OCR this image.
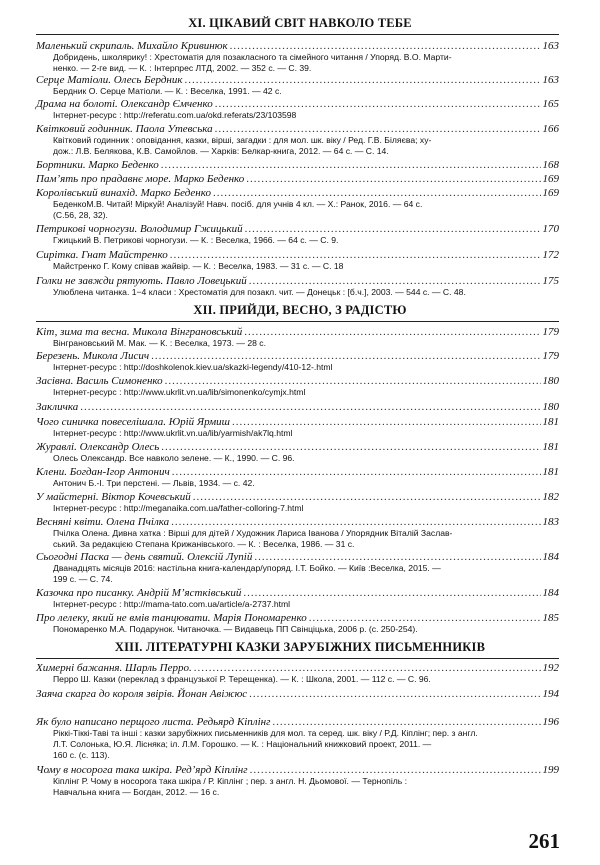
ХІ. ЦІКАВИЙ СВІТ НАВКОЛО ТЕБЕ
Маленький скрипаль. Михайло Кривинюк .....	163
Добридень, школярику! : Хрестоматія для позакласного та сімейного читання / Упоряд. В.О. Марти-
ненко. — 2-ге вид. — К. : Інтерпрес ЛТД, 2002. — 352 с. — С. 39.
Серце Матіоли. Олесь Бердник .....	163
Бердник О. Серце Матіоли. — К. : Веселка, 1991. — 42 с.
Драма на болоті. Олександр Ємченко .....	165
Інтернет-ресурс : http://referatu.com.ua/okd.referats/23/103598
Квітковий годинник. Паола Утевська .....	166
Квітковий годинник : оповідання, казки, вірші, загадки : для мол. шк. віку / Ред. Г.В. Бiляєва; ху-
дож.: Л.В. Белякова, К.В. Самойлов. — Харків: Белкар-книга, 2012. — 64 с. — С. 14.
Бортники. Марко Беденко .....	168
Пам’ять про прадавнє море. Марко Беденко .....	169
Королівський винахід. Марко Беденко .....	169
БеденкоМ.В. Читай! Міркуй! Аналізуй! Навч. посіб. для учнів 4 кл. — Х.: Ранок, 2016. — 64 с.
(С.56, 28, 32).
Петрикові чорногузи. Володимир Гжицький .....	170
Гжицький В. Петрикові чорногузи. — К. : Веселка, 1966. — 64 с. — С. 9.
Сирітка. Гнат Майстренко .....	172
Майстренко Г. Кому співав жайвір. — К. : Веселка, 1983. — 31 с. — С. 18
Голки не завжди рятують. Павло Ловецький .....	175
Улюблена читанка. 1−4 класи : Хрестоматія для позакл. чит. — Донецьк : [б.ч.], 2003. — 544 с. — С. 48.
ХІІ. ПРИЙДИ, ВЕСНО, З РАДІСТЮ
Кіт, зима та весна. Микола Вінграновський .....	179
Вінграновський М. Мак. — К. : Веселка, 1973. — 28 с.
Березень. Микола Лисич .....	179
Інтернет-ресурс : http://doshkolenok.kiev.ua/skazki-legendy/410-12-.html
Засівна. Василь Симоненко .....	180
Інтернет-ресурс : http://www.ukrlit.vn.ua/lib/simonenko/cymjx.html
Закличка .....	180
Чого синичка повеселішала. Юрій Ярмиш .....	181
Інтернет-ресурс : http://www.ukrlit.vn.ua/lib/yarmish/ak7lq.html
Журавлі. Олександр Олесь .....	181
Олесь Олександр. Все навколо зелене. — К., 1990. — С. 96.
Клени. Богдан-Ігор Антонич .....	181
Антонич Б.-І. Три перстені. — Львів, 1934. — с. 42.
У майстерні. Віктор Кочевський .....	182
Інтернет-ресурс : http://meganaika.com.ua/father-colloring-7.html
Весняні квіти. Олена Пчілка .....	183
Пчілка Олена. Дивна хатка : Вірші для дітей / Художник Лариса Іванова / Упорядник Віталій Заслав-
ський. За редакцією Степана Крижанівського. — К. : Веселка, 1986. — 31 с.
Сьогодні Паска — день святий. Олексій Лупій .....	184
Дванадцять місяців 2016: настільна книга-календар/упоряд. І.Т. Бойко. — Київ :Веселка, 2015. —
199 с. — С. 74.
Казочка про писанку. Андрій М’ястківський .....	184
Інтернет-ресурс : http://mama-tato.com.ua/article/a-2737.html
Про лелеку, який не вмів танцювати. Марія Пономаренко .....	185
Пономаренко М.А. Подарунок. Читаночка. — Видавець ПП Свінціцька, 2006 р. (с. 250-254).
ХІІІ. ЛІТЕРАТУРНІ КАЗКИ ЗАРУБІЖНИХ ПИСЬМЕННИКІВ
Химерні бажання. Шарль Перро. .....	192
Перро Ш. Казки (переклад з французької Р. Терещенка). — К. : Школа, 2001. — 112 с. — С. 96.
Заяча скарга до короля звірів. Йонан Авіжюс .....	194
Як було написано перщого листа. Редьярд Кіплінг .....	196
Ріккі-Тіккі-Таві та інші : казки зарубіжних письменників для мол. та серед. шк. віку / Р.Д. Кіплінг; пер. з англ.
Л.Т. Солонька, Ю.Я. Лісняка; іл. Л.М. Горошко. — К. : Національний книжковий проект, 2011. —
160 с. (с. 113).
Чому в носорога така шкіра. Ред’ярд Кіплінг .....	199
Кіплінг Р. Чому в носорога така шкіра / Р. Кіплінг ; пер. з англ. Н. Дьомової. — Тернопіль :
Навчальна книга — Богдан, 2012. — 16 с.
261
